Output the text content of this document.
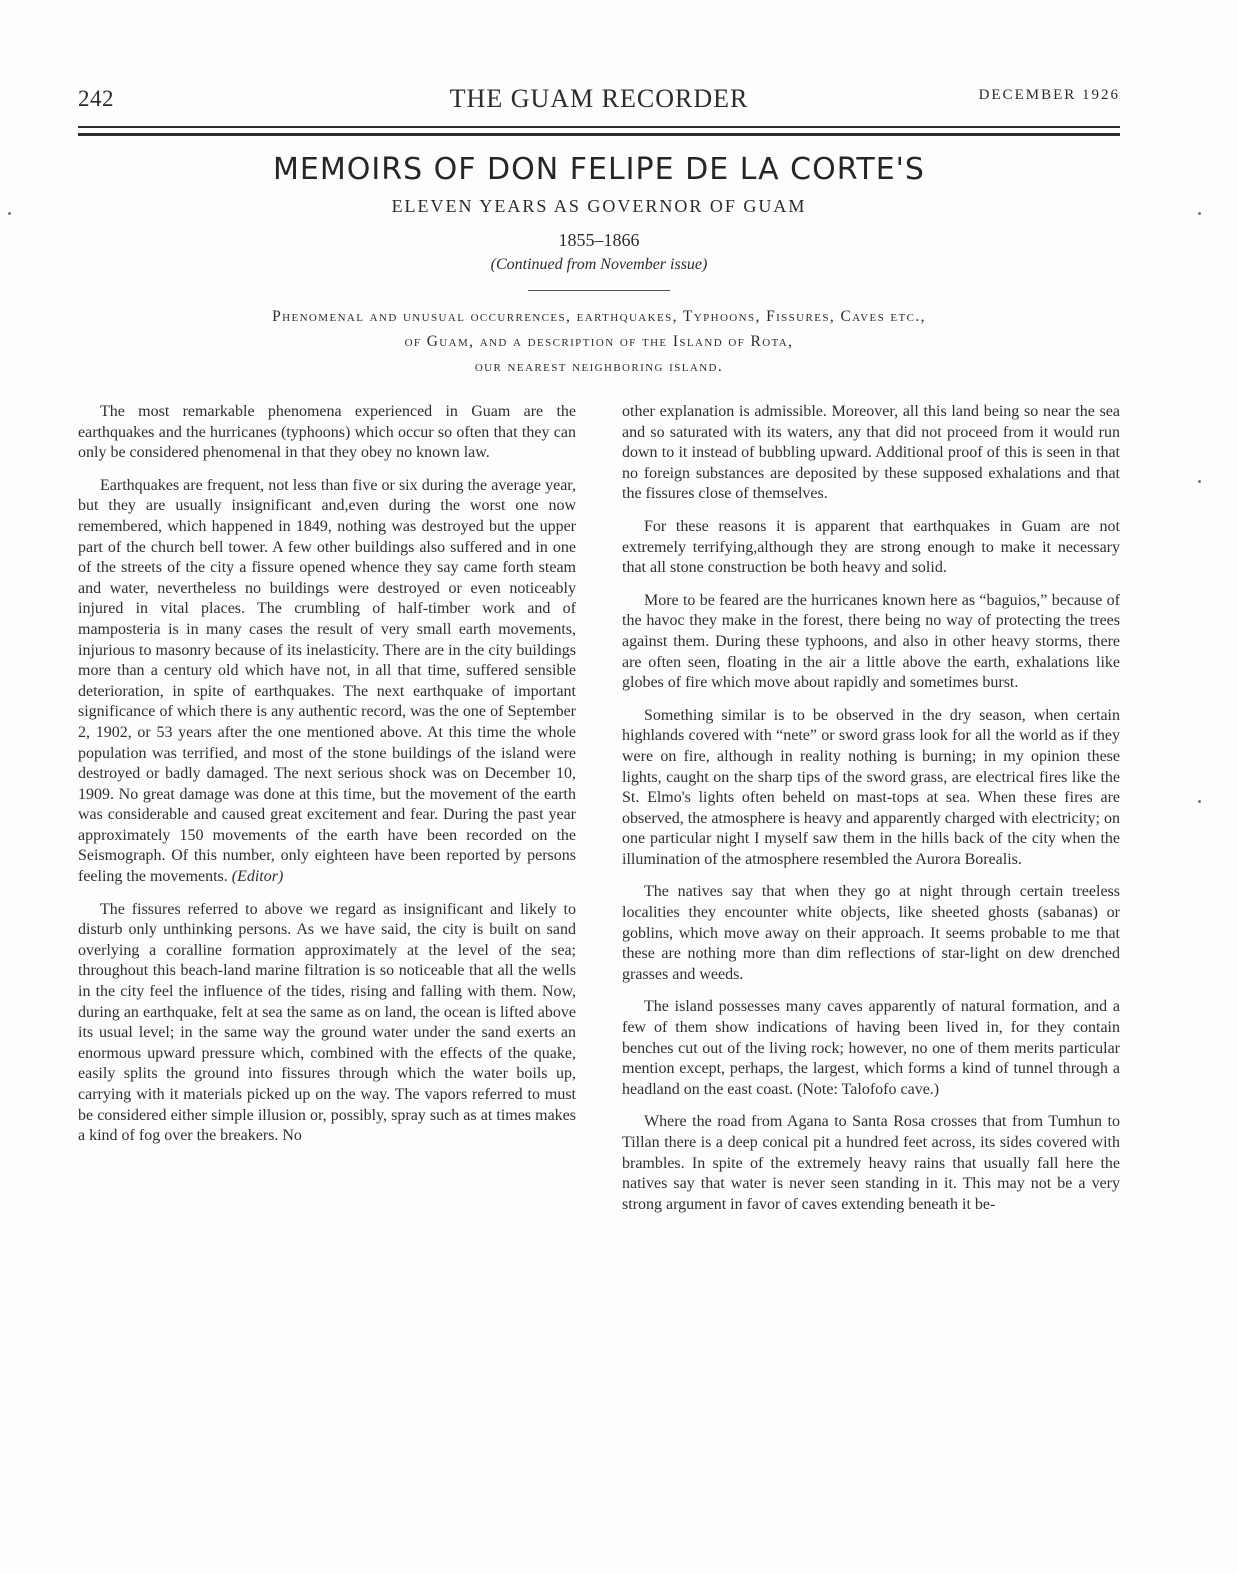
242	THE GUAM RECORDER	DECEMBER 1926
MEMOIRS OF DON FELIPE DE LA CORTE'S
ELEVEN YEARS AS GOVERNOR OF GUAM
1855–1866
(Continued from November issue)
Phenomenal and unusual occurrences, earthquakes, Typhoons, Fissures, Caves etc.,
of Guam, and a description of the Island of Rota,
our nearest neighboring island.

The most remarkable phenomena experienced in Guam are the earthquakes and the hurricanes (typhoons) which occur so often that they can only be considered phenomenal in that they obey no known law.

Earthquakes are frequent, not less than five or six during the average year, but they are usually insignificant and,even during the worst one now remembered, which happened in 1849, nothing was destroyed but the upper part of the church bell tower. A few other buildings also suffered and in one of the streets of the city a fissure opened whence they say came forth steam and water, nevertheless no buildings were destroyed or even noticeably injured in vital places. The crumbling of half-timber work and of mamposteria is in many cases the result of very small earth movements, injurious to masonry because of its inelasticity. There are in the city buildings more than a century old which have not, in all that time, suffered sensible deterioration, in spite of earthquakes. The next earthquake of important significance of which there is any authentic record, was the one of September 2, 1902, or 53 years after the one mentioned above. At this time the whole population was terrified, and most of the stone buildings of the island were destroyed or badly damaged. The next serious shock was on December 10, 1909. No great damage was done at this time, but the movement of the earth was considerable and caused great excitement and fear. During the past year approximately 150 movements of the earth have been recorded on the Seismograph. Of this number, only eighteen have been reported by persons feeling the movements. (Editor)

The fissures referred to above we regard as insignificant and likely to disturb only unthinking persons. As we have said, the city is built on sand overlying a coralline formation approximately at the level of the sea; throughout this beach-land marine filtration is so noticeable that all the wells in the city feel the influence of the tides, rising and falling with them. Now, during an earthquake, felt at sea the same as on land, the ocean is lifted above its usual level; in the same way the ground water under the sand exerts an enormous upward pressure which, combined with the effects of the quake, easily splits the ground into fissures through which the water boils up, carrying with it materials picked up on the way. The vapors referred to must be considered either simple illusion or, possibly, spray such as at times makes a kind of fog over the breakers. No

other explanation is admissible. Moreover, all this land being so near the sea and so saturated with its waters, any that did not proceed from it would run down to it instead of bubbling upward. Additional proof of this is seen in that no foreign substances are deposited by these supposed exhalations and that the fissures close of themselves.

For these reasons it is apparent that earthquakes in Guam are not extremely terrifying,although they are strong enough to make it necessary that all stone construction be both heavy and solid.

More to be feared are the hurricanes known here as “baguios,” because of the havoc they make in the forest, there being no way of protecting the trees against them. During these typhoons, and also in other heavy storms, there are often seen, floating in the air a little above the earth, exhalations like globes of fire which move about rapidly and sometimes burst.

Something similar is to be observed in the dry season, when certain highlands covered with “nete” or sword grass look for all the world as if they were on fire, although in reality nothing is burning; in my opinion these lights, caught on the sharp tips of the sword grass, are electrical fires like the St. Elmo's lights often beheld on mast-tops at sea. When these fires are observed, the atmosphere is heavy and apparently charged with electricity; on one particular night I myself saw them in the hills back of the city when the illumination of the atmosphere resembled the Aurora Borealis.

The natives say that when they go at night through certain treeless localities they encounter white objects, like sheeted ghosts (sabanas) or goblins, which move away on their approach. It seems probable to me that these are nothing more than dim reflections of star-light on dew drenched grasses and weeds.

The island possesses many caves apparently of natural formation, and a few of them show indications of having been lived in, for they contain benches cut out of the living rock; however, no one of them merits particular mention except, perhaps, the largest, which forms a kind of tunnel through a headland on the east coast. (Note: Talofofo cave.)

Where the road from Agana to Santa Rosa crosses that from Tumhun to Tillan there is a deep conical pit a hundred feet across, its sides covered with brambles. In spite of the extremely heavy rains that usually fall here the natives say that water is never seen standing in it. This may not be a very strong argument in favor of caves extending beneath it be-
